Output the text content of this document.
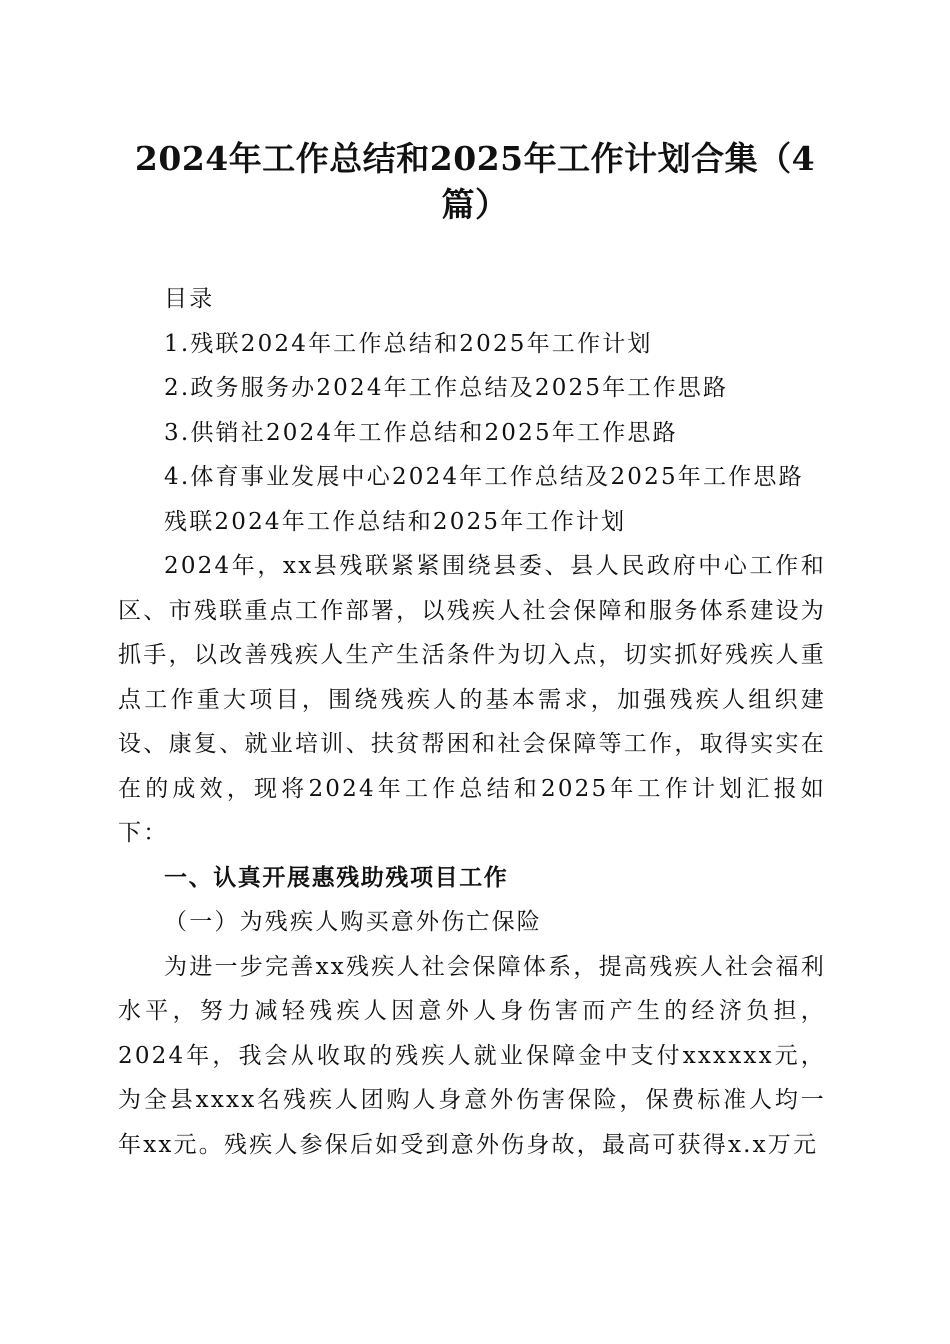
2024年工作总结和2025年工作计划合集（4篇）

目录

1.残联2024年工作总结和2025年工作计划

2.政务服务办2024年工作总结及2025年工作思路

3.供销社2024年工作总结和2025年工作思路

4.体育事业发展中心2024年工作总结及2025年工作思路

残联2024年工作总结和2025年工作计划

2024年，xx县残联紧紧围绕县委、县人民政府中心工作和区、市残联重点工作部署，以残疾人社会保障和服务体系建设为抓手，以改善残疾人生产生活条件为切入点，切实抓好残疾人重点工作重大项目，围绕残疾人的基本需求，加强残疾人组织建设、康复、就业培训、扶贫帮困和社会保障等工作，取得实实在在的成效，现将2024年工作总结和2025年工作计划汇报如下：

一、认真开展惠残助残项目工作

（一）为残疾人购买意外伤亡保险

为进一步完善xx残疾人社会保障体系，提高残疾人社会福利水平，努力减轻残疾人因意外人身伤害而产生的经济负担，2024年，我会从收取的残疾人就业保障金中支付xxxxxx元，为全县xxxx名残疾人团购人身意外伤害保险，保费标准人均一年xx元。残疾人参保后如受到意外伤身故，最高可获得x.x万元
